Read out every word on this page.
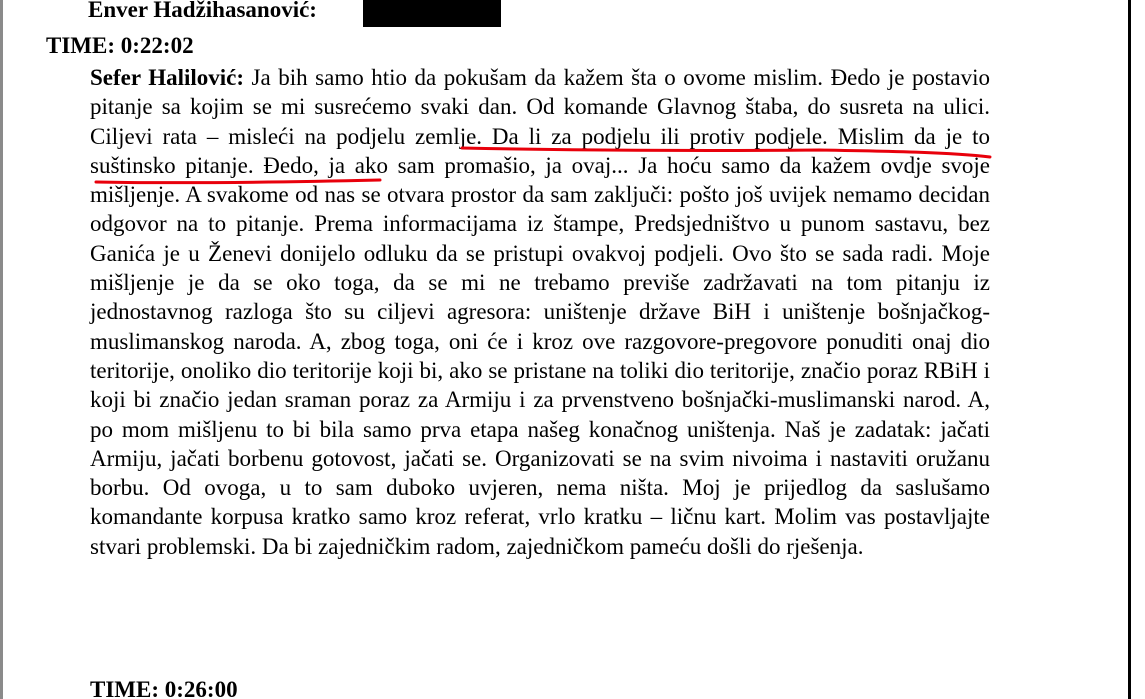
Enver Hadžihasanović:
TIME: 0:22:02
Sefer Halilović: Ja bih samo htio da pokušam da kažem šta o ovome mislim. Đedo je postavio pitanje sa kojim se mi susrećemo svaki dan. Od komande Glavnog štaba, do susreta na ulici. Ciljevi rata – misleći na podjelu zemlje. Da li za podjelu ili protiv podjele. Mislim da je to suštinsko pitanje. Đedo, ja ako sam promašio, ja ovaj... Ja hoću samo da kažem ovdje svoje mišljenje. A svakome od nas se otvara prostor da sam zaključi: pošto još uvijek nemamo decidan odgovor na to pitanje. Prema informacijama iz štampe, Predsjedništvo u punom sastavu, bez Ganića je u Ženevi donijelo odluku da se pristupi ovakvoj podjeli. Ovo što se sada radi. Moje mišljenje je da se oko toga, da se mi ne trebamo previše zadržavati na tom pitanju iz jednostavnog razloga što su ciljevi agresora: uništenje države BiH i uništenje bošnjačkog-muslimanskog naroda. A, zbog toga, oni će i kroz ove razgovore-pregovore ponuditi onaj dio teritorije, onoliko dio teritorije koji bi, ako se pristane na toliki dio teritorije, značio poraz RBiH i koji bi značio jedan sraman poraz za Armiju i za prvenstveno bošnjački-muslimanski narod. A, po mom mišljenu to bi bila samo prva etapa našeg konačnog uništenja. Naš je zadatak: jačati Armiju, jačati borbenu gotovost, jačati se. Organizovati se na svim nivoima i nastaviti oružanu borbu. Od ovoga, u to sam duboko uvjeren, nema ništa. Moj je prijedlog da saslušamo komandante korpusa kratko samo kroz referat, vrlo kratku – ličnu kart. Molim vas postavljajte stvari problemski. Da bi zajedničkim radom, zajedničkom pameću došli do rješenja.
TIME: 0:26:00
